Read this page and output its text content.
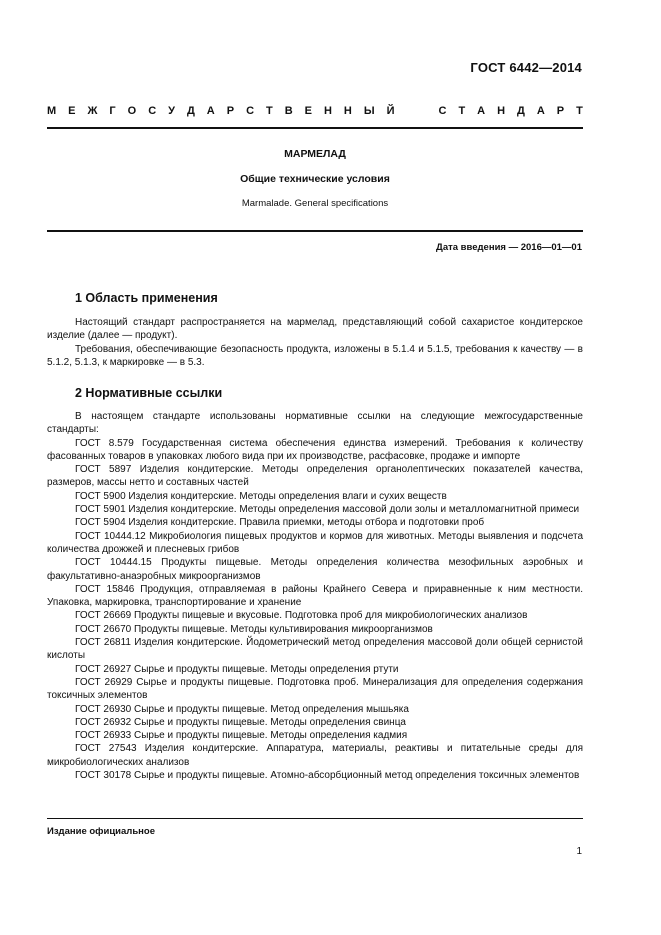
ГОСТ 6442—2014
М Е Ж Г О С У Д А Р С Т В Е Н Н Ы Й	С Т А Н Д А Р Т
МАРМЕЛАД
Общие технические условия
Marmalade. General specifications
Дата введения — 2016—01—01
1 Область применения
Настоящий стандарт распространяется на мармелад, представляющий собой сахаристое кондитерское изделие (далее — продукт).
Требования, обеспечивающие безопасность продукта, изложены в 5.1.4 и 5.1.5, требования к качеству — в 5.1.2, 5.1.3, к маркировке — в 5.3.
2 Нормативные ссылки
В настоящем стандарте использованы нормативные ссылки на следующие межгосударственные стандарты:
ГОСТ 8.579 Государственная система обеспечения единства измерений. Требования к количеству фасованных товаров в упаковках любого вида при их производстве, расфасовке, продаже и импорте
ГОСТ 5897 Изделия кондитерские. Методы определения органолептических показателей качества, размеров, массы нетто и составных частей
ГОСТ 5900 Изделия кондитерские. Методы определения влаги и сухих веществ
ГОСТ 5901 Изделия кондитерские. Методы определения массовой доли золы и металломагнитной примеси
ГОСТ 5904 Изделия кондитерские. Правила приемки, методы отбора и подготовки проб
ГОСТ 10444.12 Микробиология пищевых продуктов и кормов для животных. Методы выявления и подсчета количества дрожжей и плесневых грибов
ГОСТ 10444.15 Продукты пищевые. Методы определения количества мезофильных аэробных и факультативно-анаэробных микроорганизмов
ГОСТ 15846 Продукция, отправляемая в районы Крайнего Севера и приравненные к ним местности. Упаковка, маркировка, транспортирование и хранение
ГОСТ 26669 Продукты пищевые и вкусовые. Подготовка проб для микробиологических анализов
ГОСТ 26670 Продукты пищевые. Методы культивирования микроорганизмов
ГОСТ 26811 Изделия кондитерские. Йодометрический метод определения массовой доли общей сернистой кислоты
ГОСТ 26927 Сырье и продукты пищевые. Методы определения ртути
ГОСТ 26929 Сырье и продукты пищевые. Подготовка проб. Минерализация для определения содержания токсичных элементов
ГОСТ 26930 Сырье и продукты пищевые. Метод определения мышьяка
ГОСТ 26932 Сырье и продукты пищевые. Методы определения свинца
ГОСТ 26933 Сырье и продукты пищевые. Методы определения кадмия
ГОСТ 27543 Изделия кондитерские. Аппаратура, материалы, реактивы и питательные среды для микробиологических анализов
ГОСТ 30178 Сырье и продукты пищевые. Атомно-абсорбционный метод определения токсичных элементов
Издание официальное
1
